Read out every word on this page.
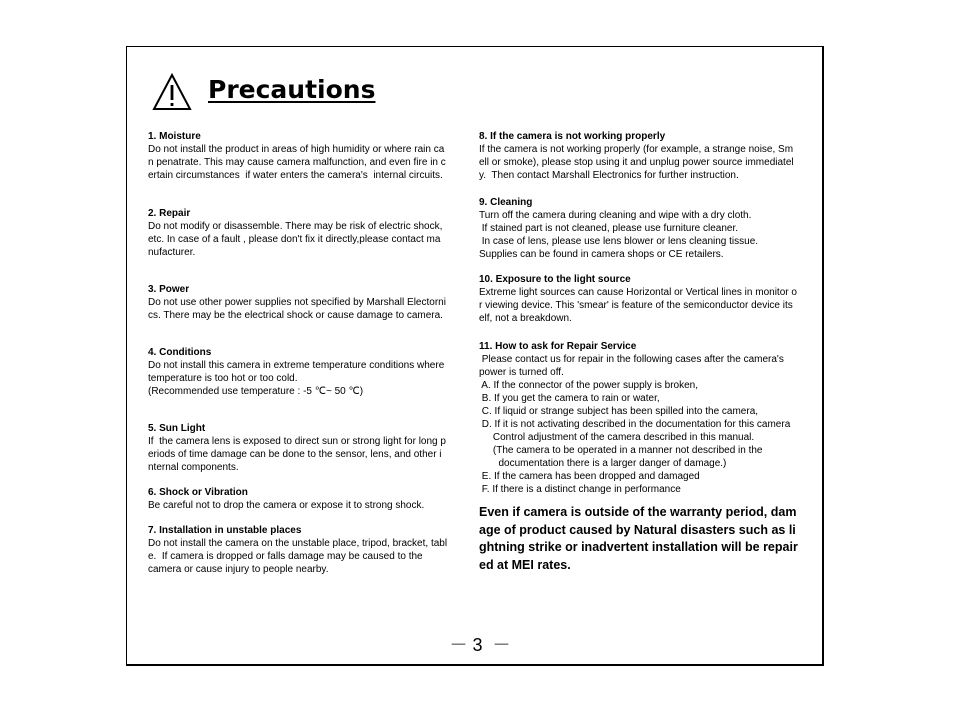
Precautions
1. Moisture
Do not install the product in areas of high humidity or where rain ca
n penatrate. This may cause camera malfunction, and even fire in c
ertain circumstances  if water enters the camera's  internal circuits.
2. Repair
Do not modify or disassemble. There may be risk of electric shock,
etc. In case of a fault , please don't fix it directly,please contact ma
nufacturer.
3. Power
Do not use other power supplies not specified by Marshall Electorni
cs. There may be the electrical shock or cause damage to camera.
4. Conditions
Do not install this camera in extreme temperature conditions where
temperature is too hot or too cold.
(Recommended use temperature : -5 ℃~ 50 ℃)
5. Sun Light
If  the camera lens is exposed to direct sun or strong light for long p
eriods of time damage can be done to the sensor, lens, and other i
nternal components.
6. Shock or Vibration
Be careful not to drop the camera or expose it to strong shock.
7. Installation in unstable places
Do not install the camera on the unstable place, tripod, bracket, tabl
e.  If camera is dropped or falls damage may be caused to the
camera or cause injury to people nearby.
8. If the camera is not working properly
If the camera is not working properly (for example, a strange noise, Sm
ell or smoke), please stop using it and unplug power source immediatel
y.  Then contact Marshall Electronics for further instruction.
9. Cleaning
Turn off the camera during cleaning and wipe with a dry cloth.
If stained part is not cleaned, please use furniture cleaner.
In case of lens, please use lens blower or lens cleaning tissue.
Supplies can be found in camera shops or CE retailers.
10. Exposure to the light source
Extreme light sources can cause Horizontal or Vertical lines in monitor o
r viewing device. This 'smear' is feature of the semiconductor device its
elf, not a breakdown.
11. How to ask for Repair Service
Please contact us for repair in the following cases after the camera's
power is turned off.
A. If the connector of the power supply is broken,
B. If you get the camera to rain or water,
C. If liquid or strange subject has been spilled into the camera,
D. If it is not activating described in the documentation for this camera
Control adjustment of the camera described in this manual.
(The camera to be operated in a manner not described in the
documentation there is a larger danger of damage.)
E. If the camera has been dropped and damaged
F. If there is a distinct change in performance
Even if camera is outside of the warranty period, dam
age of product caused by Natural disasters such as li
ghtning strike or inadvertent installation will be repair
ed at MEI rates.
－ 3  －
